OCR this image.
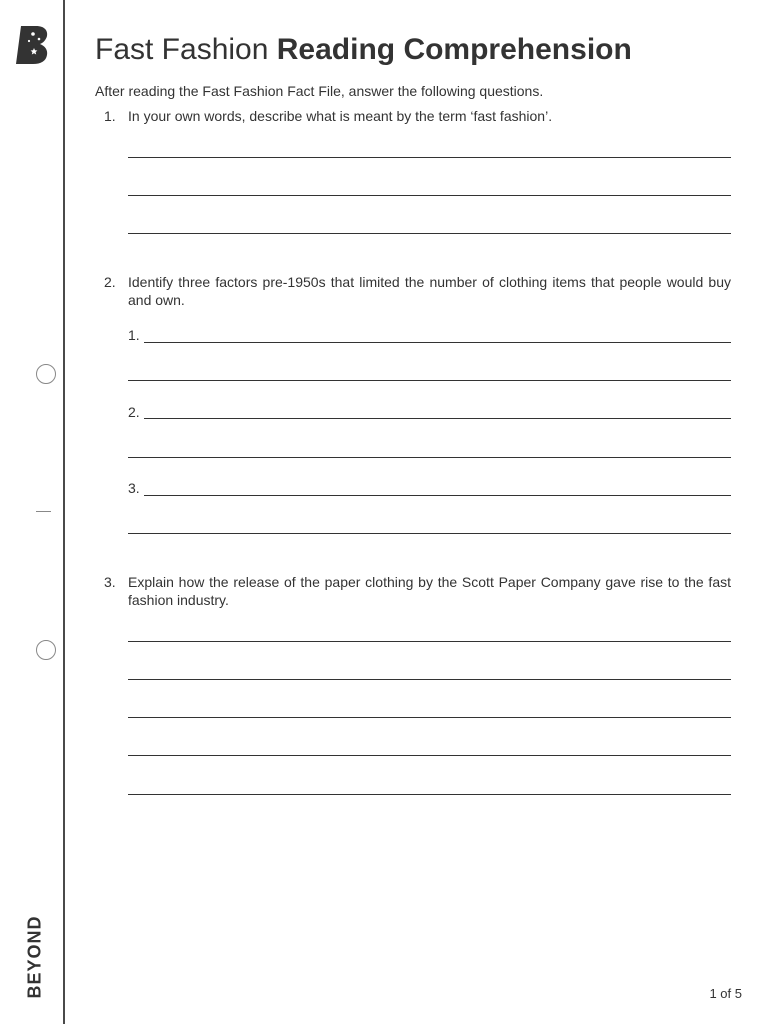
BEYOND
Fast Fashion Reading Comprehension
After reading the Fast Fashion Fact File, answer the following questions.
1. In your own words, describe what is meant by the term ‘fast fashion’.
2. Identify three factors pre-1950s that limited the number of clothing items that people would buy and own.
1.
2.
3.
3. Explain how the release of the paper clothing by the Scott Paper Company gave rise to the fast fashion industry.
1 of 5
